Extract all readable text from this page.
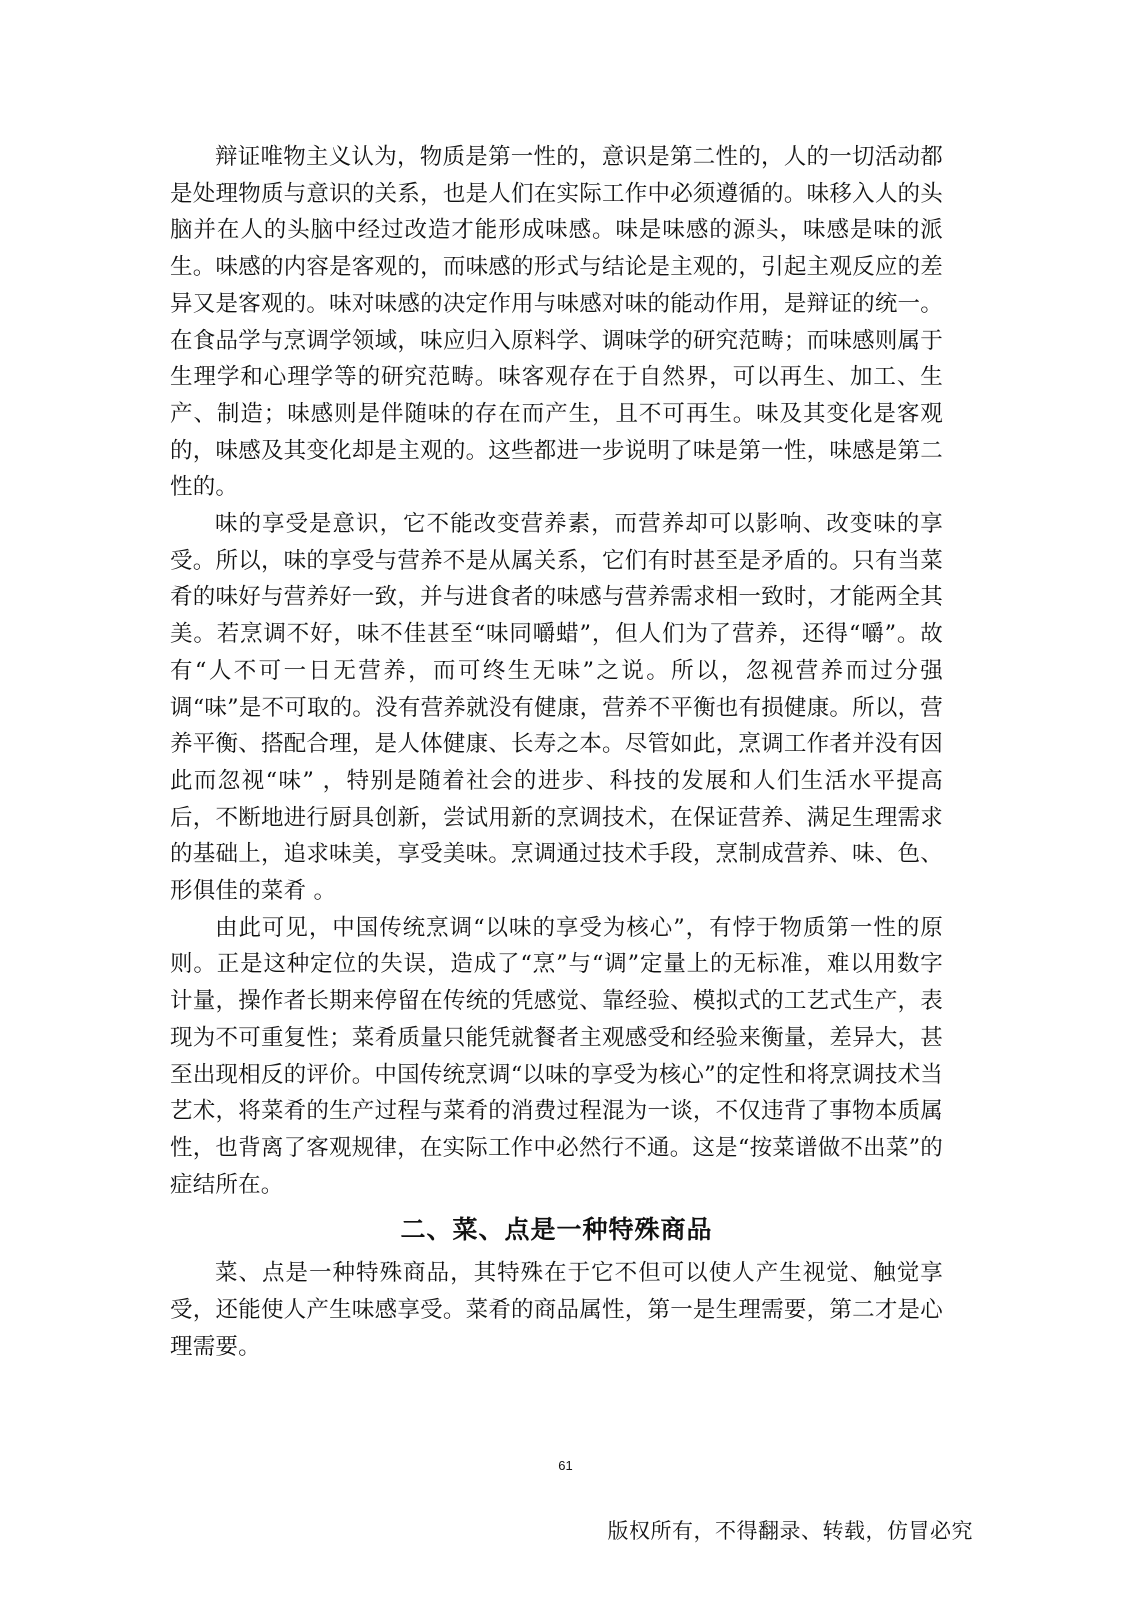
辩证唯物主义认为，物质是第一性的，意识是第二性的，人的一切活动都是处理物质与意识的关系，也是人们在实际工作中必须遵循的。味移入人的头脑并在人的头脑中经过改造才能形成味感。味是味感的源头，味感是味的派生。味感的内容是客观的，而味感的形式与结论是主观的，引起主观反应的差异又是客观的。味对味感的决定作用与味感对味的能动作用，是辩证的统一。在食品学与烹调学领域，味应归入原料学、调味学的研究范畴；而味感则属于生理学和心理学等的研究范畴。味客观存在于自然界，可以再生、加工、生产、制造；味感则是伴随味的存在而产生，且不可再生。味及其变化是客观的，味感及其变化却是主观的。这些都进一步说明了味是第一性，味感是第二性的。

味的享受是意识，它不能改变营养素，而营养却可以影响、改变味的享受。所以，味的享受与营养不是从属关系，它们有时甚至是矛盾的。只有当菜肴的味好与营养好一致，并与进食者的味感与营养需求相一致时，才能两全其美。若烹调不好，味不佳甚至“味同嚼蜡”，但人们为了营养，还得“嚼”。故有“人不可一日无营养，而可终生无味”之说。所以，忽视营养而过分强调“味”是不可取的。没有营养就没有健康，营养不平衡也有损健康。所以，营养平衡、搭配合理，是人体健康、长寿之本。尽管如此，烹调工作者并没有因此而忽视“味” ，特别是随着社会的进步、科技的发展和人们生活水平提高后，不断地进行厨具创新，尝试用新的烹调技术，在保证营养、满足生理需求的基础上，追求味美，享受美味。烹调通过技术手段，烹制成营养、味、色、形俱佳的菜肴 。

由此可见，中国传统烹调“以味的享受为核心”，有悖于物质第一性的原则。正是这种定位的失误，造成了“烹”与“调”定量上的无标准，难以用数字计量，操作者长期来停留在传统的凭感觉、靠经验、模拟式的工艺式生产，表现为不可重复性；菜肴质量只能凭就餐者主观感受和经验来衡量，差异大，甚至出现相反的评价。中国传统烹调“以味的享受为核心”的定性和将烹调技术当艺术，将菜肴的生产过程与菜肴的消费过程混为一谈，不仅违背了事物本质属性，也背离了客观规律，在实际工作中必然行不通。这是“按菜谱做不出菜”的症结所在。

二、菜、点是一种特殊商品

菜、点是一种特殊商品，其特殊在于它不但可以使人产生视觉、触觉享受，还能使人产生味感享受。菜肴的商品属性，第一是生理需要，第二才是心理需要。

61
版权所有，不得翻录、转载，仿冒必究
